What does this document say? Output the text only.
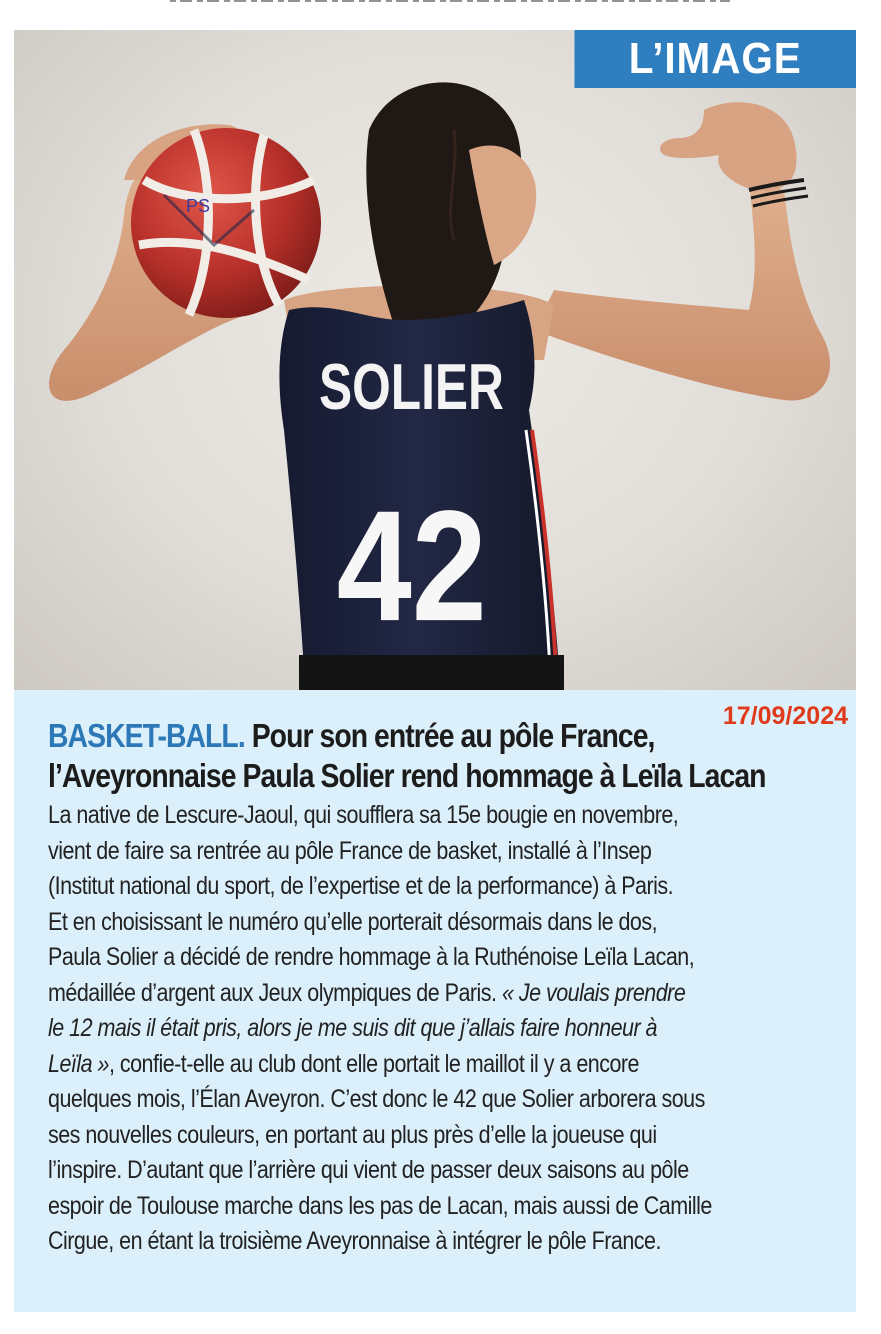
PS
SOLIER
42
L’IMAGE
17/09/2024
BASKET-BALL. Pour son entrée au pôle France,
l’Aveyronnaise Paula Solier rend hommage à Leïla Lacan
La native de Lescure-Jaoul, qui soufflera sa 15e bougie en novembre,
vient de faire sa rentrée au pôle France de basket, installé à l’Insep
(Institut national du sport, de l’expertise et de la performance) à Paris.
Et en choisissant le numéro qu’elle porterait désormais dans le dos,
Paula Solier a décidé de rendre hommage à la Ruthénoise Leïla Lacan,
médaillée d’argent aux Jeux olympiques de Paris. « Je voulais prendre
le 12 mais il était pris, alors je me suis dit que j’allais faire honneur à
Leïla », confie-t-elle au club dont elle portait le maillot il y a encore
quelques mois, l’Élan Aveyron. C’est donc le 42 que Solier arborera sous
ses nouvelles couleurs, en portant au plus près d’elle la joueuse qui
l’inspire. D’autant que l’arrière qui vient de passer deux saisons au pôle
espoir de Toulouse marche dans les pas de Lacan, mais aussi de Camille
Cirgue, en étant la troisième Aveyronnaise à intégrer le pôle France.
